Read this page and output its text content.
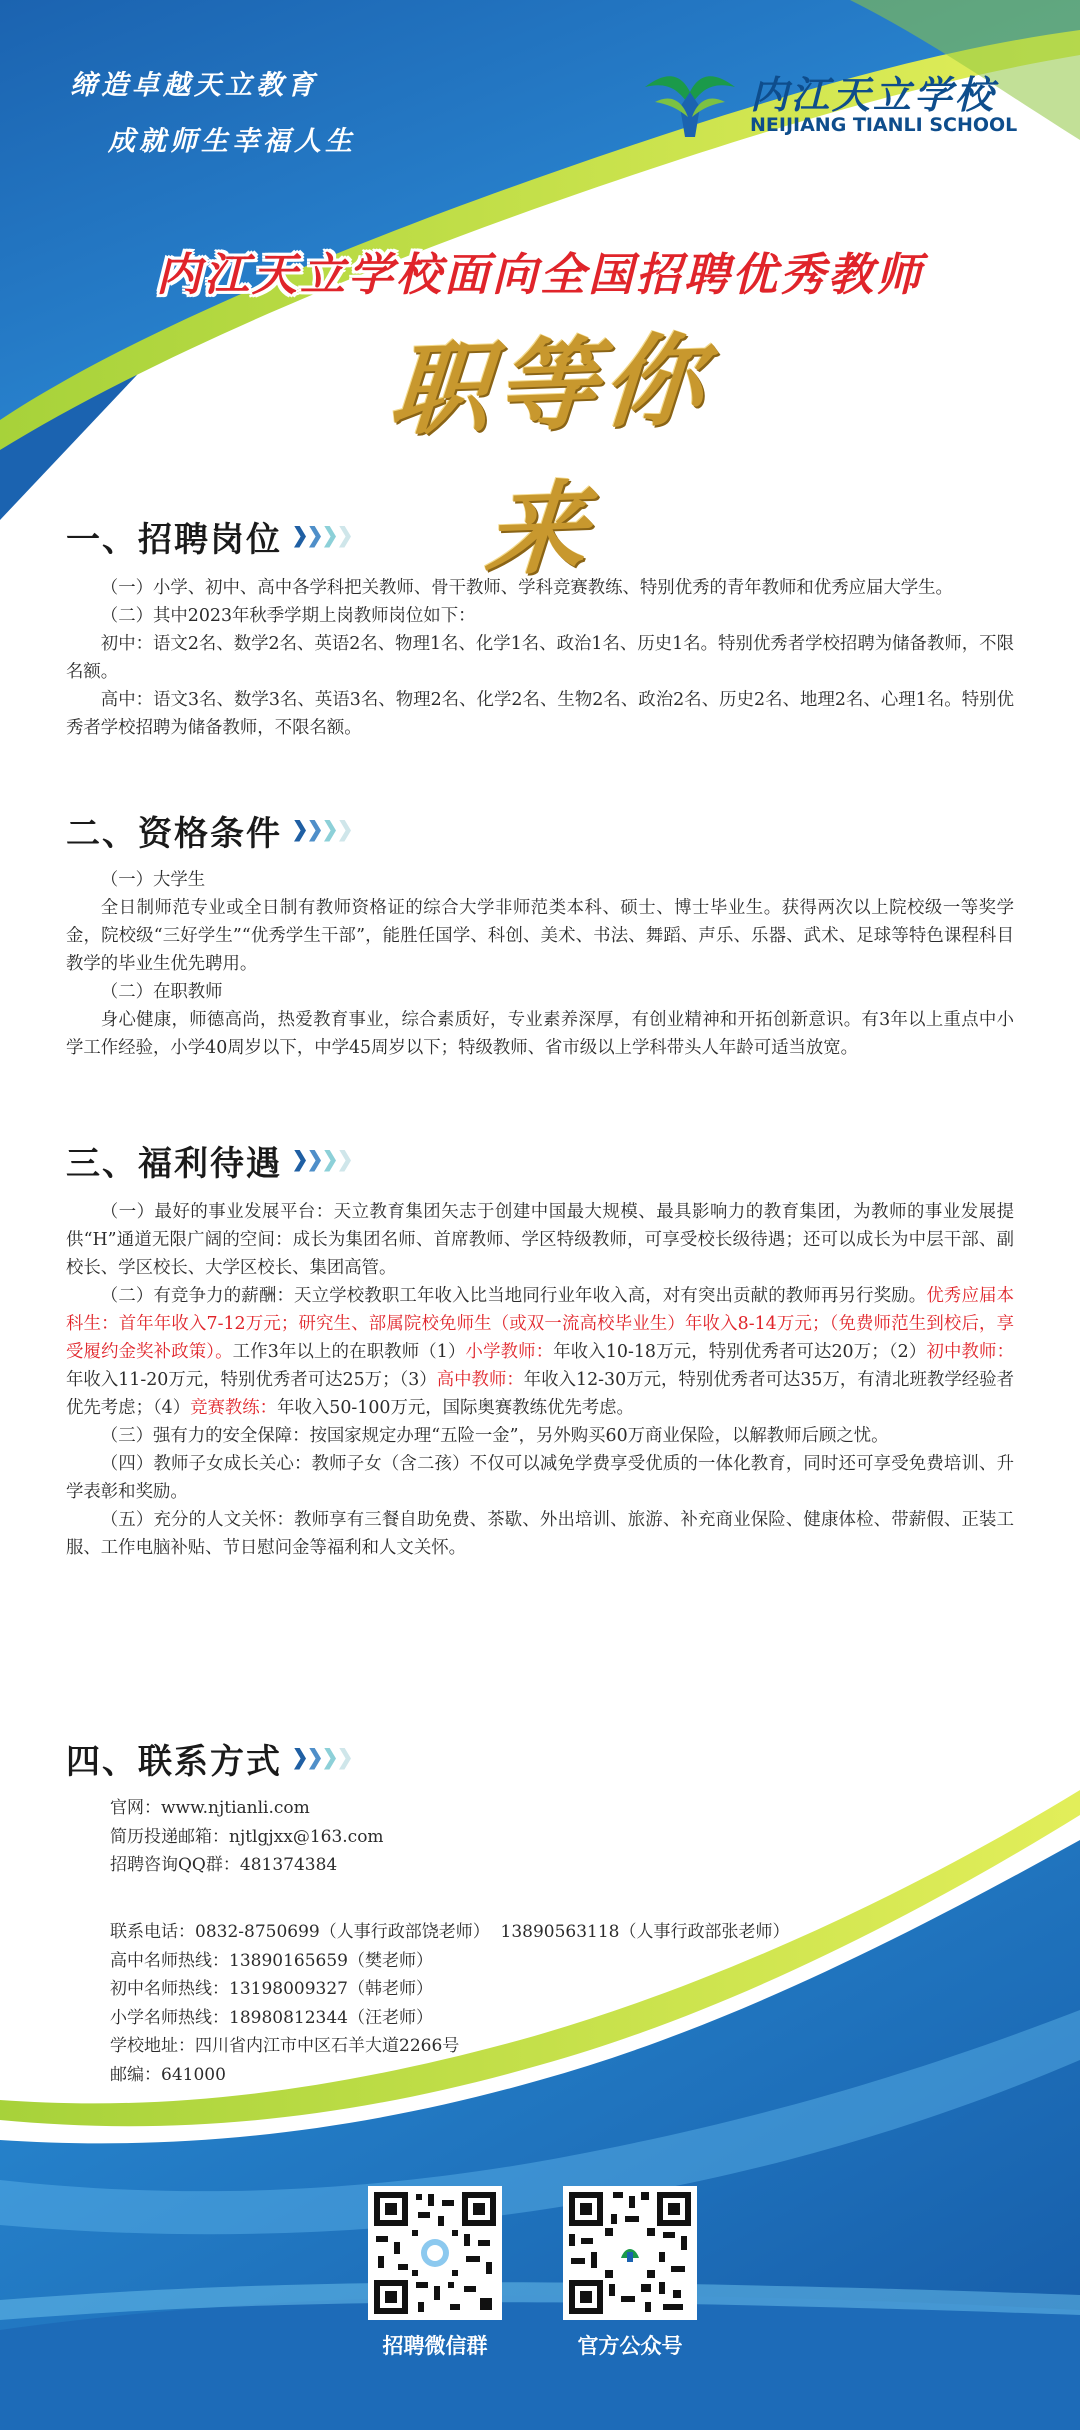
缔造卓越天立教育
成就师生幸福人生
内江天立学校
NEIJIANG TIANLI SCHOOL
内江天立学校面向全国招聘优秀教师
职等你来
一、招聘岗位

（一）小学、初中、高中各学科把关教师、骨干教师、学科竞赛教练、特别优秀的青年教师和优秀应届大学生。

（二）其中2023年秋季学期上岗教师岗位如下：

初中：语文2名、数学2名、英语2名、物理1名、化学1名、政治1名、历史1名。特别优秀者学校招聘为储备教师，不限名额。

高中：语文3名、数学3名、英语3名、物理2名、化学2名、生物2名、政治2名、历史2名、地理2名、心理1名。特别优秀者学校招聘为储备教师，不限名额。

二、资格条件

（一）大学生

全日制师范专业或全日制有教师资格证的综合大学非师范类本科、硕士、博士毕业生。获得两次以上院校级一等奖学金，院校级“三好学生”“优秀学生干部”，能胜任国学、科创、美术、书法、舞蹈、声乐、乐器、武术、足球等特色课程科目教学的毕业生优先聘用。

（二）在职教师

身心健康，师德高尚，热爱教育事业，综合素质好，专业素养深厚，有创业精神和开拓创新意识。有3年以上重点中小学工作经验，小学40周岁以下，中学45周岁以下；特级教师、省市级以上学科带头人年龄可适当放宽。

三、福利待遇

（一）最好的事业发展平台：天立教育集团矢志于创建中国最大规模、最具影响力的教育集团，为教师的事业发展提供“H”通道无限广阔的空间：成长为集团名师、首席教师、学区特级教师，可享受校长级待遇；还可以成长为中层干部、副校长、学区校长、大学区校长、集团高管。

（二）有竞争力的薪酬：天立学校教职工年收入比当地同行业年收入高，对有突出贡献的教师再另行奖励。优秀应届本科生：首年年收入7-12万元；研究生、部属院校免师生（或双一流高校毕业生）年收入8-14万元；（免费师范生到校后，享受履约金奖补政策）。工作3年以上的在职教师（1）小学教师：年收入10-18万元，特别优秀者可达20万；（2）初中教师：年收入11-20万元，特别优秀者可达25万；（3）高中教师：年收入12-30万元，特别优秀者可达35万，有清北班教学经验者优先考虑；（4）竞赛教练：年收入50-100万元，国际奥赛教练优先考虑。

（三）强有力的安全保障：按国家规定办理“五险一金”，另外购买60万商业保险，以解教师后顾之忧。

（四）教师子女成长关心：教师子女（含二孩）不仅可以减免学费享受优质的一体化教育，同时还可享受免费培训、升学表彰和奖励。

（五）充分的人文关怀：教师享有三餐自助免费、茶歇、外出培训、旅游、补充商业保险、健康体检、带薪假、正装工服、工作电脑补贴、节日慰问金等福利和人文关怀。

四、联系方式
官网：www.njtianli.com
简历投递邮箱：njtlgjxx@163.com
招聘咨询QQ群：481374384
联系电话：0832-8750699（人事行政部饶老师）  13890563118（人事行政部张老师）
高中名师热线：13890165659（樊老师）
初中名师热线：13198009327（韩老师）
小学名师热线：18980812344（汪老师）
学校地址：四川省内江市中区石羊大道2266号
邮编：641000
招聘微信群	官方公众号
